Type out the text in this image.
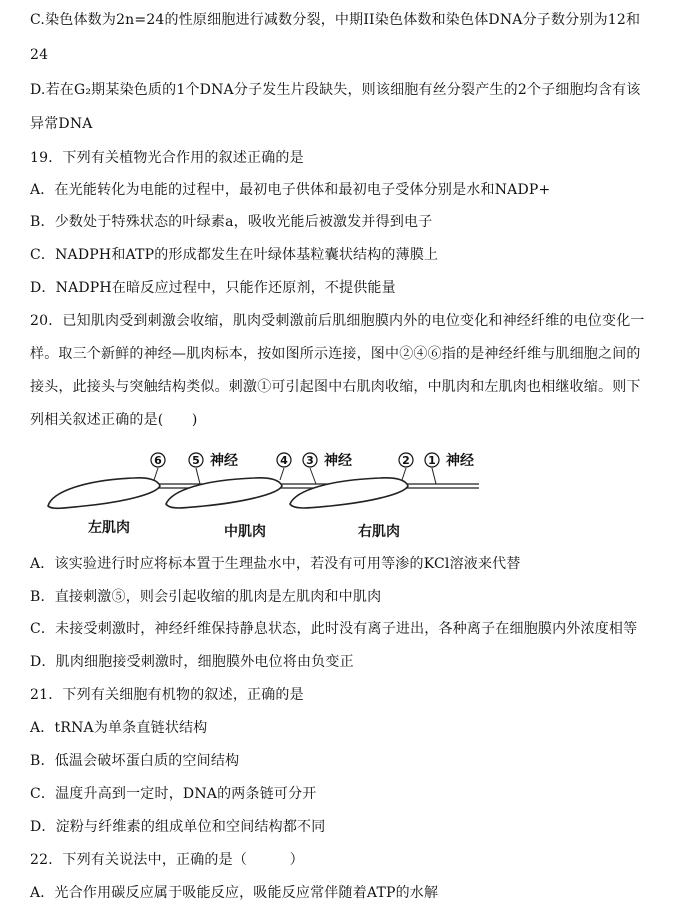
C.染色体数为2n=24的性原细胞进行减数分裂，中期II染色体数和染色体DNA分子数分别为12和
24
D.若在G₂期某染色质的1个DNA分子发生片段缺失，则该细胞有丝分裂产生的2个子细胞均含有该
异常DNA
19．下列有关植物光合作用的叙述正确的是
A．在光能转化为电能的过程中，最初电子供体和最初电子受体分别是水和NADP+
B．少数处于特殊状态的叶绿素a，吸收光能后被激发并得到电子
C．NADPH和ATP的形成都发生在叶绿体基粒囊状结构的薄膜上
D．NADPH在暗反应过程中，只能作还原剂，不提供能量
20．已知肌肉受到刺激会收缩，肌肉受刺激前后肌细胞膜内外的电位变化和神经纤维的电位变化一
样。取三个新鲜的神经—肌肉标本，按如图所示连接，图中②④⑥指的是神经纤维与肌细胞之间的
接头，此接头与突触结构类似。刺激①可引起图中右肌肉收缩，中肌肉和左肌肉也相继收缩。则下
列相关叙述正确的是(　　)
6	5 神经	4 3 神经	2 1 神经
左肌肉	中肌肉	右肌肉
A．该实验进行时应将标本置于生理盐水中，若没有可用等渗的KCl溶液来代替
B．直接刺激⑤，则会引起收缩的肌肉是左肌肉和中肌肉
C．未接受刺激时，神经纤维保持静息状态，此时没有离子进出，各种离子在细胞膜内外浓度相等
D．肌肉细胞接受刺激时，细胞膜外电位将由负变正
21．下列有关细胞有机物的叙述，正确的是
A．tRNA为单条直链状结构
B．低温会破坏蛋白质的空间结构
C．温度升高到一定时，DNA的两条链可分开
D．淀粉与纤维素的组成单位和空间结构都不同
22．下列有关说法中，正确的是（　　　）
A．光合作用碳反应属于吸能反应，吸能反应常伴随着ATP的水解
